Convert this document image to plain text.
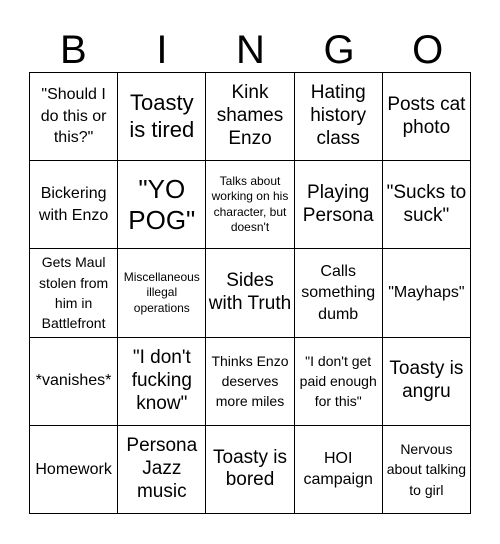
B	I	N	G	O
"Should I do this or this?"
Toasty is tired
Kink shames Enzo
Hating history class
Posts cat photo
Bickering with Enzo
"YO POG"
Talks about working on his character, but doesn't
Playing Persona
"Sucks to suck"
Gets Maul stolen from him in Battlefront
Miscellaneous illegal operations
Sides with Truth
Calls something dumb
"Mayhaps"
*vanishes*
"I don't fucking know"
Thinks Enzo deserves more miles
"I don't get paid enough for this"
Toasty is angru
Homework
Persona Jazz music
Toasty is bored
HOI campaign
Nervous about talking to girl
